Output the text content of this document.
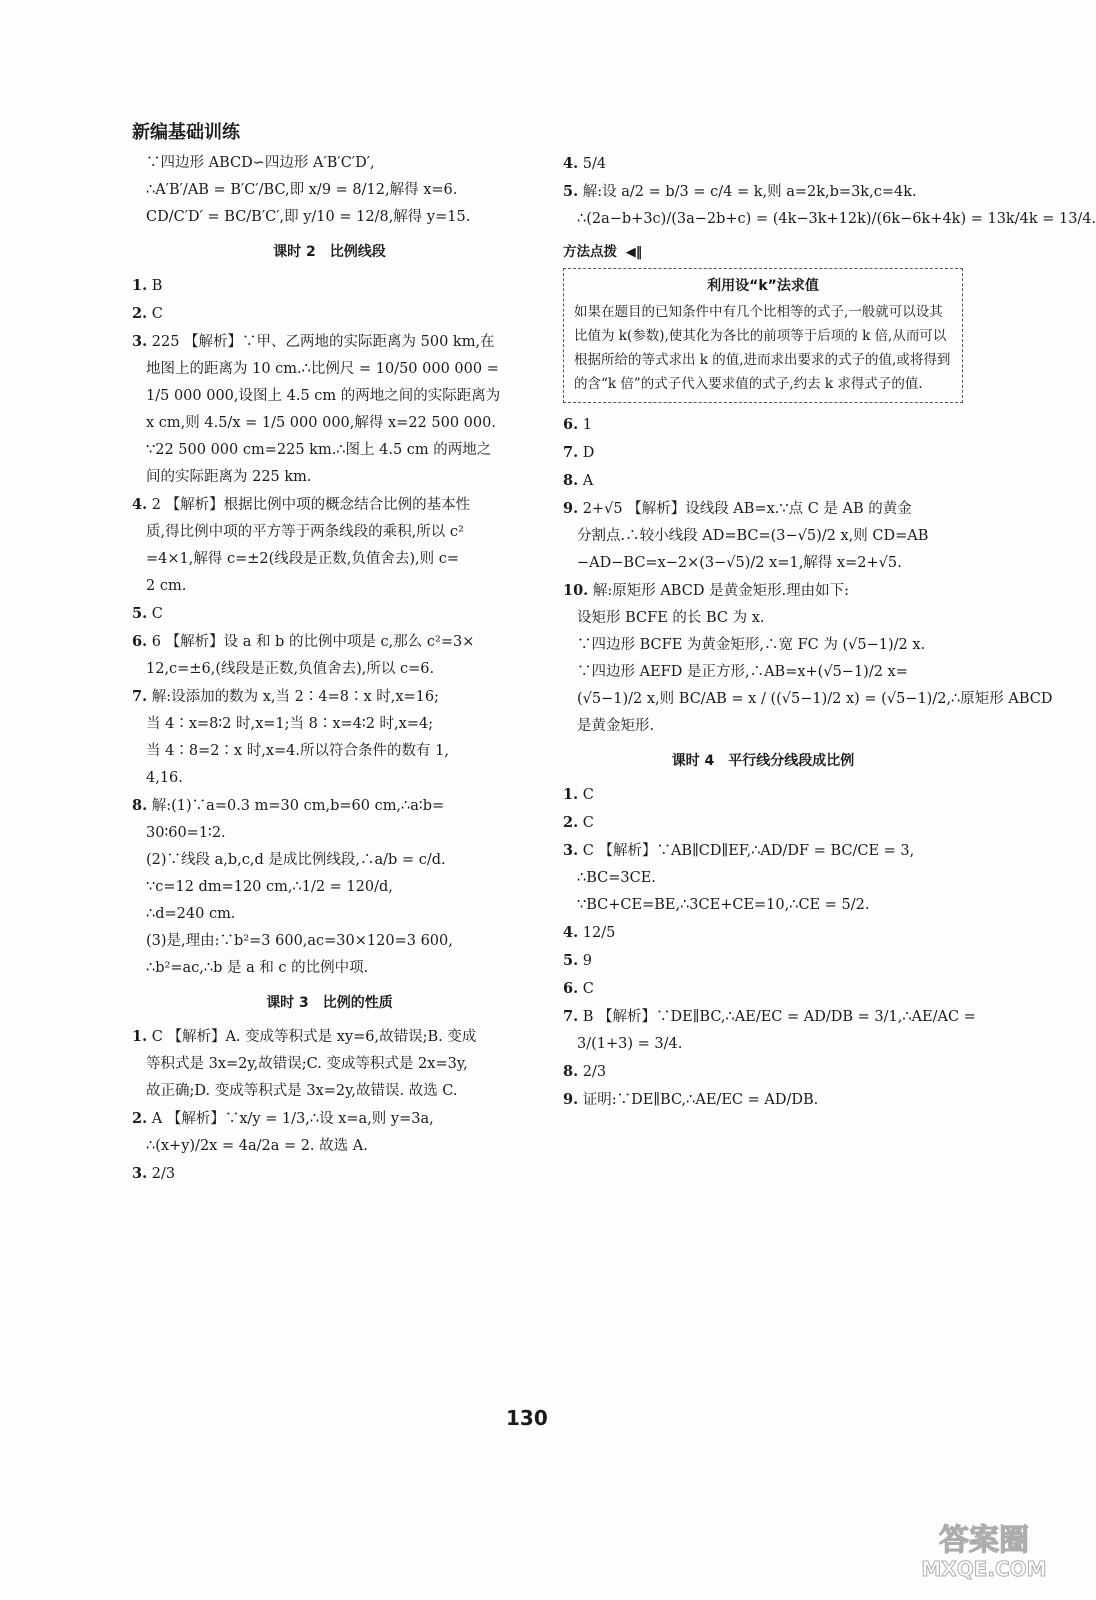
新编基础训练
∵四边形 ABCD∽四边形 A′B′C′D′,
∴A′B′/AB = B′C′/BC,即 x/9 = 8/12,解得 x=6.
CD/C′D′ = BC/B′C′,即 y/10 = 12/8,解得 y=15.
课时 2　比例线段
1. B
2. C
3. 225 【解析】∵甲、乙两地的实际距离为 500 km,在
地图上的距离为 10 cm.∴比例尺 = 10/50 000 000 =
1/5 000 000,设图上 4.5 cm 的两地之间的实际距离为
x cm,则 4.5/x = 1/5 000 000,解得 x=22 500 000.
∵22 500 000 cm=225 km.∴图上 4.5 cm 的两地之
间的实际距离为 225 km.
4. 2 【解析】根据比例中项的概念结合比例的基本性
质,得比例中项的平方等于两条线段的乘积,所以 c²
=4×1,解得 c=±2(线段是正数,负值舍去),则 c=
2 cm.
5. C
6. 6 【解析】设 a 和 b 的比例中项是 c,那么 c²=3×
12,c=±6,(线段是正数,负值舍去),所以 c=6.
7. 解:设添加的数为 x,当 2∶4=8∶x 时,x=16;
当 4∶x=8∶2 时,x=1;当 8∶x=4∶2 时,x=4;
当 4∶8=2∶x 时,x=4.所以符合条件的数有 1,
4,16.
8. 解:(1)∵a=0.3 m=30 cm,b=60 cm,∴a∶b=
30∶60=1∶2.
(2)∵线段 a,b,c,d 是成比例线段,∴a/b = c/d.
∵c=12 dm=120 cm,∴1/2 = 120/d,
∴d=240 cm.
(3)是,理由:∵b²=3 600,ac=30×120=3 600,
∴b²=ac,∴b 是 a 和 c 的比例中项.
课时 3　比例的性质
1. C 【解析】A. 变成等积式是 xy=6,故错误;B. 变成
等积式是 3x=2y,故错误;C. 变成等积式是 2x=3y,
故正确;D. 变成等积式是 3x=2y,故错误. 故选 C.
2. A 【解析】∵x/y = 1/3,∴设 x=a,则 y=3a,
∴(x+y)/2x = 4a/2a = 2. 故选 A.
3. 2/3
4. 5/4
5. 解:设 a/2 = b/3 = c/4 = k,则 a=2k,b=3k,c=4k.
∴(2a−b+3c)/(3a−2b+c) = (4k−3k+12k)/(6k−6k+4k) = 13k/4k = 13/4.
方法点拨 ◀‖
利用设“k”法求值
如果在题目的已知条件中有几个比相等的式子,一般就可以设其比值为 k(参数),使其化为各比的前项等于后项的 k 倍,从而可以根据所给的等式求出 k 的值,进而求出要求的式子的值,或将得到的含“k 倍”的式子代入要求值的式子,约去 k 求得式子的值.
6. 1
7. D
8. A
9. 2+√5 【解析】设线段 AB=x.∵点 C 是 AB 的黄金
分割点.∴较小线段 AD=BC=(3−√5)/2 x,则 CD=AB
−AD−BC=x−2×(3−√5)/2 x=1,解得 x=2+√5.
10. 解:原矩形 ABCD 是黄金矩形.理由如下:
设矩形 BCFE 的长 BC 为 x.
∵四边形 BCFE 为黄金矩形,∴宽 FC 为 (√5−1)/2 x.
∵四边形 AEFD 是正方形,∴AB=x+(√5−1)/2 x=
(√5−1)/2 x,则 BC/AB = x / ((√5−1)/2 x) = (√5−1)/2,∴原矩形 ABCD
是黄金矩形.
课时 4　平行线分线段成比例
1. C
2. C
3. C 【解析】∵AB∥CD∥EF,∴AD/DF = BC/CE = 3,
∴BC=3CE.
∵BC+CE=BE,∴3CE+CE=10,∴CE = 5/2.
4. 12/5
5. 9
6. C
7. B 【解析】∵DE∥BC,∴AE/EC = AD/DB = 3/1,∴AE/AC =
3/(1+3) = 3/4.
8. 2/3
9. 证明:∵DE∥BC,∴AE/EC = AD/DB.
130
答案圈
MXQE.COM
